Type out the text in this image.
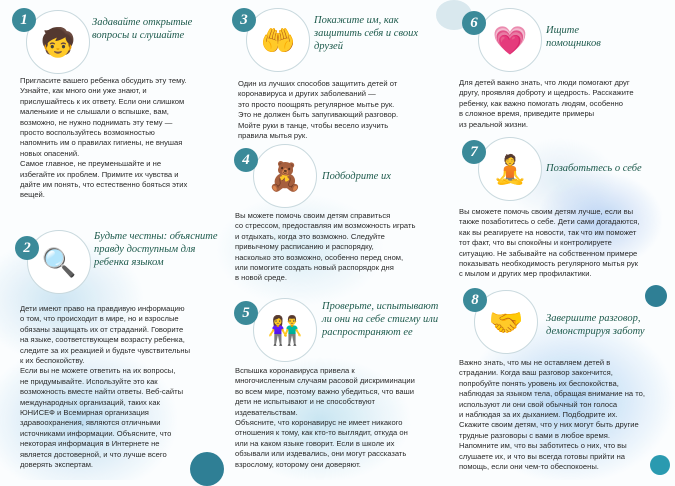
🧒
1	Задавайте открытые вопросы и слушайте
Пригласите вашего ребенка обсудить эту тему.
Узнайте, как много они уже знают, и
прислушайтесь к их ответу. Если они слишком
маленькие и не слышали о вспышке, вам,
возможно, не нужно поднимать эту тему —
просто воспользуйтесь возможностью
напомнить им о правилах гигиены, не внушая
новых опасений.
Самое главное, не преуменьшайте и не
избегайте их проблем. Примите их чувства и
дайте им понять, что естественно бояться этих
вещей.
🔍
2
Будьте честны: объясните правду доступным для ребенка языком
Дети имеют право на правдивую информацию
о том, что происходит в мире, но и взрослые
обязаны защищать их от страданий. Говорите
на языке, соответствующем возрасту ребенка,
следите за их реакцией и будьте чувствительны
к их беспокойству.
Если вы не можете ответить на их вопросы,
не придумывайте. Используйте это как
возможность вместе найти ответы. Веб-сайты
международных организаций, таких как
ЮНИСЕФ и Всемирная организация
здравоохранения, являются отличными
источниками информации. Объясните, что
некоторая информация в Интернете не
является достоверной, и что лучше всего
доверять экспертам.
🤲
3	Покажите им, как защитить себя и своих друзей
Один из лучших способов защитить детей от
коронавируса и других заболеваний —
это просто поощрять регулярное мытье рук.
Это не должен быть запугивающий разговор.
Мойте руки в танце, чтобы весело изучить
правила мытья рук.
🧸
4
Подбодрите их
Вы можете помочь своим детям справиться
со стрессом, предоставляя им возможность играть
и отдыхать, когда это возможно. Следуйте
привычному расписанию и распорядку,
насколько это возможно, особенно перед сном,
или помогите создать новый распорядок дня
в новой среде.
👫
5	Проверьте, испытывают ли они на себе стигму или распространяют ее
Вспышка коронавируса привела к
многочисленным случаям расовой дискриминации
во всем мире, поэтому важно убедиться, что ваши
дети не испытывают и не способствуют
издевательствам.
Объясните, что коронавирус не имеет никакого
отношения к тому, как кто-то выглядит, откуда он
или на каком языке говорит. Если в школе их
обзывали или издевались, они могут рассказать
взрослому, которому они доверяют.
💗
6	Ищите помощников
Для детей важно знать, что люди помогают друг
другу, проявляя доброту и щедрость. Расскажите
ребенку, как важно помогать людям, особенно
в сложное время, приведите примеры
из реальной жизни.
🧘
7
Позаботьтесь о себе
Вы сможете помочь своим детям лучше, если вы
также позаботитесь о себе. Дети сами догадаются,
как вы реагируете на новости, так что им поможет
тот факт, что вы спокойны и контролируете
ситуацию. Не забывайте на собственном примере
показывать необходимость регулярного мытья рук
с мылом и других мер профилактики.
🤝
8
Завершите разговор, демонстрируя заботу
Важно знать, что мы не оставляем детей в
страдании. Когда ваш разговор закончится,
попробуйте понять уровень их беспокойства,
наблюдая за языком тела, обращая внимание на то,
используют ли они свой обычный тон голоса
и наблюдая за их дыханием. Подбодрите их.
Скажите своим детям, что у них могут быть другие
трудные разговоры с вами в любое время.
Напомните им, что вы заботитесь о них, что вы
слушаете их, и что вы всегда готовы прийти на
помощь, если они чем-то обеспокоены.
